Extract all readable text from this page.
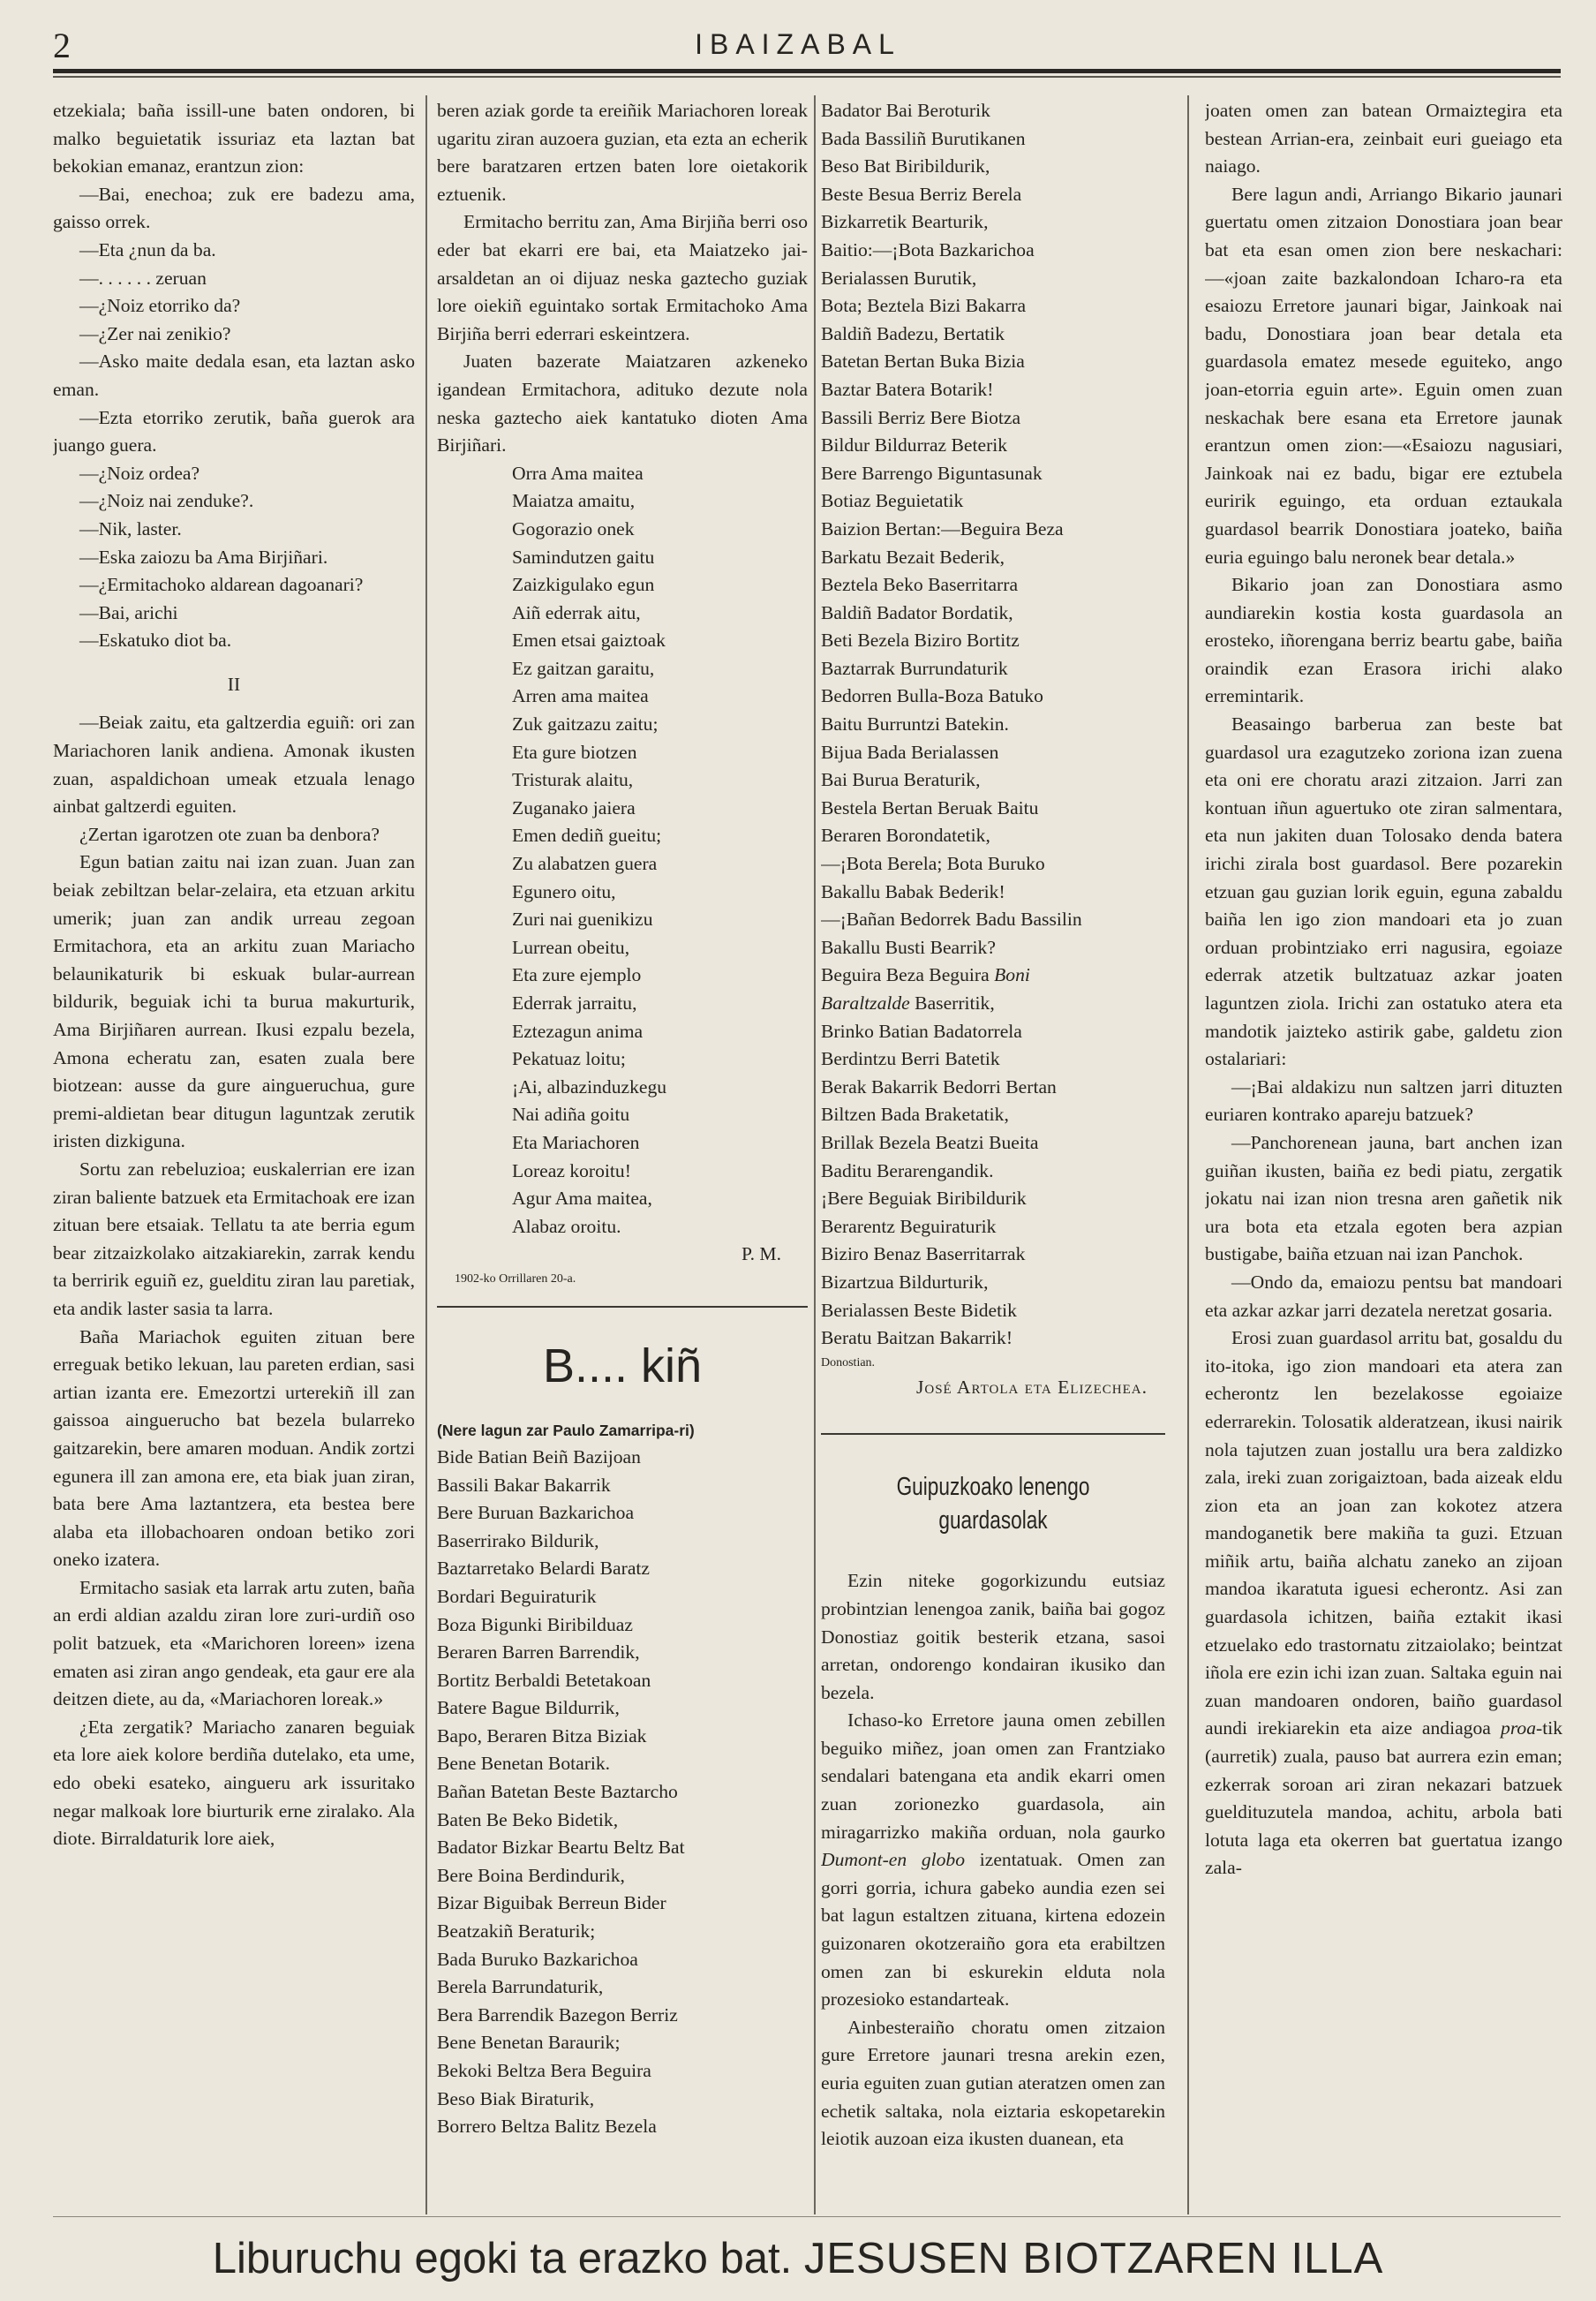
2	IBAIZABAL

etzekiala; baña issill-une baten ondoren, bi malko beguietatik issuriaz eta laztan bat bekokian emanaz, erantzun zion:

—Bai, enechoa; zuk ere badezu ama, gaisso orrek.

—Eta ¿nun da ba.

—. . . . . . zeruan

—¿Noiz etorriko da?

—¿Zer nai zenikio?

—Asko maite dedala esan, eta laztan asko eman.

—Ezta etorriko zerutik, baña guerok ara juango guera.

—¿Noiz ordea?

—¿Noiz nai zenduke?.

—Nik, laster.

—Eska zaiozu ba Ama Birjiñari.

—¿Ermitachoko aldarean dagoanari?

—Bai, arichi

—Eskatuko diot ba.

II

—Beiak zaitu, eta galtzerdia eguiñ: ori zan Mariachoren lanik andiena. Amonak ikusten zuan, aspaldichoan umeak etzuala lenago ainbat galtzerdi eguiten.

¿Zertan igarotzen ote zuan ba denbora?

Egun batian zaitu nai izan zuan. Juan zan beiak zebiltzan belar-zelaira, eta etzuan arkitu umerik; juan zan andik urreau zegoan Ermitachora, eta an arkitu zuan Mariacho belaunikaturik bi eskuak bular-aurrean bildurik, beguiak ichi ta burua makurturik, Ama Birjiñaren aurrean. Ikusi ezpalu bezela, Amona echeratu zan, esaten zuala bere biotzean: ausse da gure aingueruchua, gure premi-aldietan bear ditugun laguntzak zerutik iristen dizkiguna.

Sortu zan rebeluzioa; euskalerrian ere izan ziran baliente batzuek eta Ermitachoak ere izan zituan bere etsaiak. Tellatu ta ate berria egum bear zitzaizkolako aitzakiarekin, zarrak kendu ta berririk eguiñ ez, guelditu ziran lau paretiak, eta andik laster sasia ta larra.

Baña Mariachok eguiten zituan bere erreguak betiko lekuan, lau pareten erdian, sasi artian izanta ere. Emezortzi urterekiñ ill zan gaissoa ainguerucho bat bezela bularreko gaitzarekin, bere amaren moduan. Andik zortzi egunera ill zan amona ere, eta biak juan ziran, bata bere Ama laztantzera, eta bestea bere alaba eta illobachoaren ondoan betiko zori oneko izatera.

Ermitacho sasiak eta larrak artu zuten, baña an erdi aldian azaldu ziran lore zuri-urdiñ oso polit batzuek, eta «Marichoren loreen» izena ematen asi ziran ango gendeak, eta gaur ere ala deitzen diete, au da, «Mariachoren loreak.»

¿Eta zergatik? Mariacho zanaren beguiak eta lore aiek kolore berdiña dutelako, eta ume, edo obeki esateko, aingueru ark issuritako negar malkoak lore biurturik erne ziralako. Ala diote. Birraldaturik lore aiek,

beren aziak gorde ta ereiñik Mariachoren loreak ugaritu ziran auzoera guzian, eta ezta an echerik bere baratzaren ertzen baten lore oietakorik eztuenik.

Ermitacho berritu zan, Ama Birjiña berri oso eder bat ekarri ere bai, eta Maiatzeko jai-arsaldetan an oi dijuaz neska gaztecho guziak lore oiekiñ eguintako sortak Ermitachoko Ama Birjiña berri ederrari eskeintzera.

Juaten bazerate Maiatzaren azkeneko igandean Ermitachora, adituko dezute nola neska gaztecho aiek kantatuko dioten Ama Birjiñari.

Orra Ama maitea

Maiatza amaitu,

Gogorazio onek

Samindutzen gaitu

Zaizkigulako egun

Aiñ ederrak aitu,

Emen etsai gaiztoak

Ez gaitzan garaitu,

Arren ama maitea

Zuk gaitzazu zaitu;

Eta gure biotzen

Tristurak alaitu,

Zuganako jaiera

Emen dediñ gueitu;

Zu alabatzen guera

Egunero oitu,

Zuri nai guenikizu

Lurrean obeitu,

Eta zure ejemplo

Ederrak jarraitu,

Eztezagun anima

Pekatuaz loitu;

¡Ai, albazinduzkegu

Nai adiña goitu

Eta Mariachoren

Loreaz koroitu!

Agur Ama maitea,

Alabaz oroitu.

P. M.

1902-ko Orrillaren 20-a.

B.... kiñ

(Nere lagun zar Paulo Zamarripa-ri)

Bide Batian Beiñ Bazijoan

Bassili Bakar Bakarrik

Bere Buruan Bazkarichoa

Baserrirako Bildurik,

Baztarretako Belardi Baratz

Bordari Beguiraturik

Boza Bigunki Biribilduaz

Beraren Barren Barrendik,

Bortitz Berbaldi Betetakoan

Batere Bague Bildurrik,

Bapo, Beraren Bitza Biziak

Bene Benetan Botarik.

Bañan Batetan Beste Baztarcho

Baten Be Beko Bidetik,

Badator Bizkar Beartu Beltz Bat

Bere Boina Berdindurik,

Bizar Biguibak Berreun Bider

Beatzakiñ Beraturik;

Bada Buruko Bazkarichoa

Berela Barrundaturik,

Bera Barrendik Bazegon Berriz

Bene Benetan Baraurik;

Bekoki Beltza Bera Beguira

Beso Biak Biraturik,

Borrero Beltza Balitz Bezela

Badator Bai Beroturik

Bada Bassiliñ Burutikanen

Beso Bat Biribildurik,

Beste Besua Berriz Berela

Bizkarretik Bearturik,

Baitio:—¡Bota Bazkarichoa

Berialassen Burutik,

Bota; Beztela Bizi Bakarra

Baldiñ Badezu, Bertatik

Batetan Bertan Buka Bizia

Baztar Batera Botarik!

Bassili Berriz Bere Biotza

Bildur Bildurraz Beterik

Bere Barrengo Biguntasunak

Botiaz Beguietatik

Baizion Bertan:—Beguira Beza

Barkatu Bezait Bederik,

Beztela Beko Baserritarra

Baldiñ Badator Bordatik,

Beti Bezela Biziro Bortitz

Baztarrak Burrundaturik

Bedorren Bulla-Boza Batuko

Baitu Burruntzi Batekin.

Bijua Bada Berialassen

Bai Burua Beraturik,

Bestela Bertan Beruak Baitu

Beraren Borondatetik,

—¡Bota Berela; Bota Buruko

Bakallu Babak Bederik!

—¡Bañan Bedorrek Badu Bassilin

Bakallu Busti Bearrik?

Beguira Beza Beguira Boni

Baraltzalde Baserritik,

Brinko Batian Badatorrela

Berdintzu Berri Batetik

Berak Bakarrik Bedorri Bertan

Biltzen Bada Braketatik,

Brillak Bezela Beatzi Bueita

Baditu Berarengandik.

¡Bere Beguiak Biribildurik

Berarentz Beguiraturik

Biziro Benaz Baserritarrak

Bizartzua Bildurturik,

Berialassen Beste Bidetik

Beratu Baitzan Bakarrik!

Donostian.

José Artola eta Elizechea.

Guipuzkoako lenengo guardasolak

Ezin niteke gogorkizundu eutsiaz probintzian lenengoa zanik, baiña bai gogoz Donostiaz goitik besterik etzana, sasoi arretan, ondorengo kondairan ikusiko dan bezela.

Ichaso-ko Erretore jauna omen zebillen beguiko miñez, joan omen zan Frantziako sendalari batengana eta andik ekarri omen zuan zorionezko guardasola, ain miragarrizko makiña orduan, nola gaurko Dumont-en globo izentatuak. Omen zan gorri gorria, ichura gabeko aundia ezen sei bat lagun estaltzen zituana, kirtena edozein guizonaren okotzeraiño gora eta erabiltzen omen zan bi eskurekin elduta nola prozesioko estandarteak.

Ainbesteraiño choratu omen zitzaion gure Erretore jaunari tresna arekin ezen, euria eguiten zuan gutian ateratzen omen zan echetik saltaka, nola eiztaria eskopetarekin leiotik auzoan eiza ikusten duanean, eta

joaten omen zan batean Ormaiztegira eta bestean Arrian-era, zeinbait euri gueiago eta naiago.

Bere lagun andi, Arriango Bikario jaunari guertatu omen zitzaion Donostiara joan bear bat eta esan omen zion bere neskachari:—«joan zaite bazkalondoan Icharo-ra eta esaiozu Erretore jaunari bigar, Jainkoak nai badu, Donostiara joan bear detala eta guardasola ematez mesede eguiteko, ango joan-etorria eguin arte». Eguin omen zuan neskachak bere esana eta Erretore jaunak erantzun omen zion:—«Esaiozu nagusiari, Jainkoak nai ez badu, bigar ere eztubela euririk eguingo, eta orduan eztaukala guardasol bearrik Donostiara joateko, baiña euria eguingo balu neronek bear detala.»

Bikario joan zan Donostiara asmo aundiarekin kostia kosta guardasola an erosteko, iñorengana berriz beartu gabe, baiña oraindik ezan Erasora irichi alako erremintarik.

Beasaingo barberua zan beste bat guardasol ura ezagutzeko zoriona izan zuena eta oni ere choratu arazi zitzaion. Jarri zan kontuan iñun aguertuko ote ziran salmentara, eta nun jakiten duan Tolosako denda batera irichi zirala bost guardasol. Bere pozarekin etzuan gau guzian lorik eguin, eguna zabaldu baiña len igo zion mandoari eta jo zuan orduan probintziako erri nagusira, egoiaze ederrak atzetik bultzatuaz azkar joaten laguntzen ziola. Irichi zan ostatuko atera eta mandotik jaizteko astirik gabe, galdetu zion ostalariari:

—¡Bai aldakizu nun saltzen jarri dituzten euriaren kontrako apareju batzuek?

—Panchorenean jauna, bart anchen izan guiñan ikusten, baiña ez bedi piatu, zergatik jokatu nai izan nion tresna aren gañetik nik ura bota eta etzala egoten bera azpian bustigabe, baiña etzuan nai izan Panchok.

—Ondo da, emaiozu pentsu bat mandoari eta azkar azkar jarri dezatela neretzat gosaria.

Erosi zuan guardasol arritu bat, gosaldu du ito-itoka, igo zion mandoari eta atera zan echerontz len bezelakosse egoiaize ederrarekin. Tolosatik alderatzean, ikusi nairik nola tajutzen zuan jostallu ura bera zaldizko zala, ireki zuan zorigaiztoan, bada aizeak eldu zion eta an joan zan kokotez atzera mandoganetik bere makiña ta guzi. Etzuan miñik artu, baiña alchatu zaneko an zijoan mandoa ikaratuta iguesi echerontz. Asi zan guardasola ichitzen, baiña eztakit ikasi etzuelako edo trastornatu zitzaiolako; beintzat iñola ere ezin ichi izan zuan. Saltaka eguin nai zuan mandoaren ondoren, baiño guardasol aundi irekiarekin eta aize andiagoa proa-tik (aurretik) zuala, pauso bat aurrera ezin eman; ezkerrak soroan ari ziran nekazari batzuek gueldituzutela mandoa, achitu, arbola bati lotuta laga eta okerren bat guertatua izango zala-

Liburuchu egoki ta erazko bat. JESUSEN BIOTZAREN ILLA
